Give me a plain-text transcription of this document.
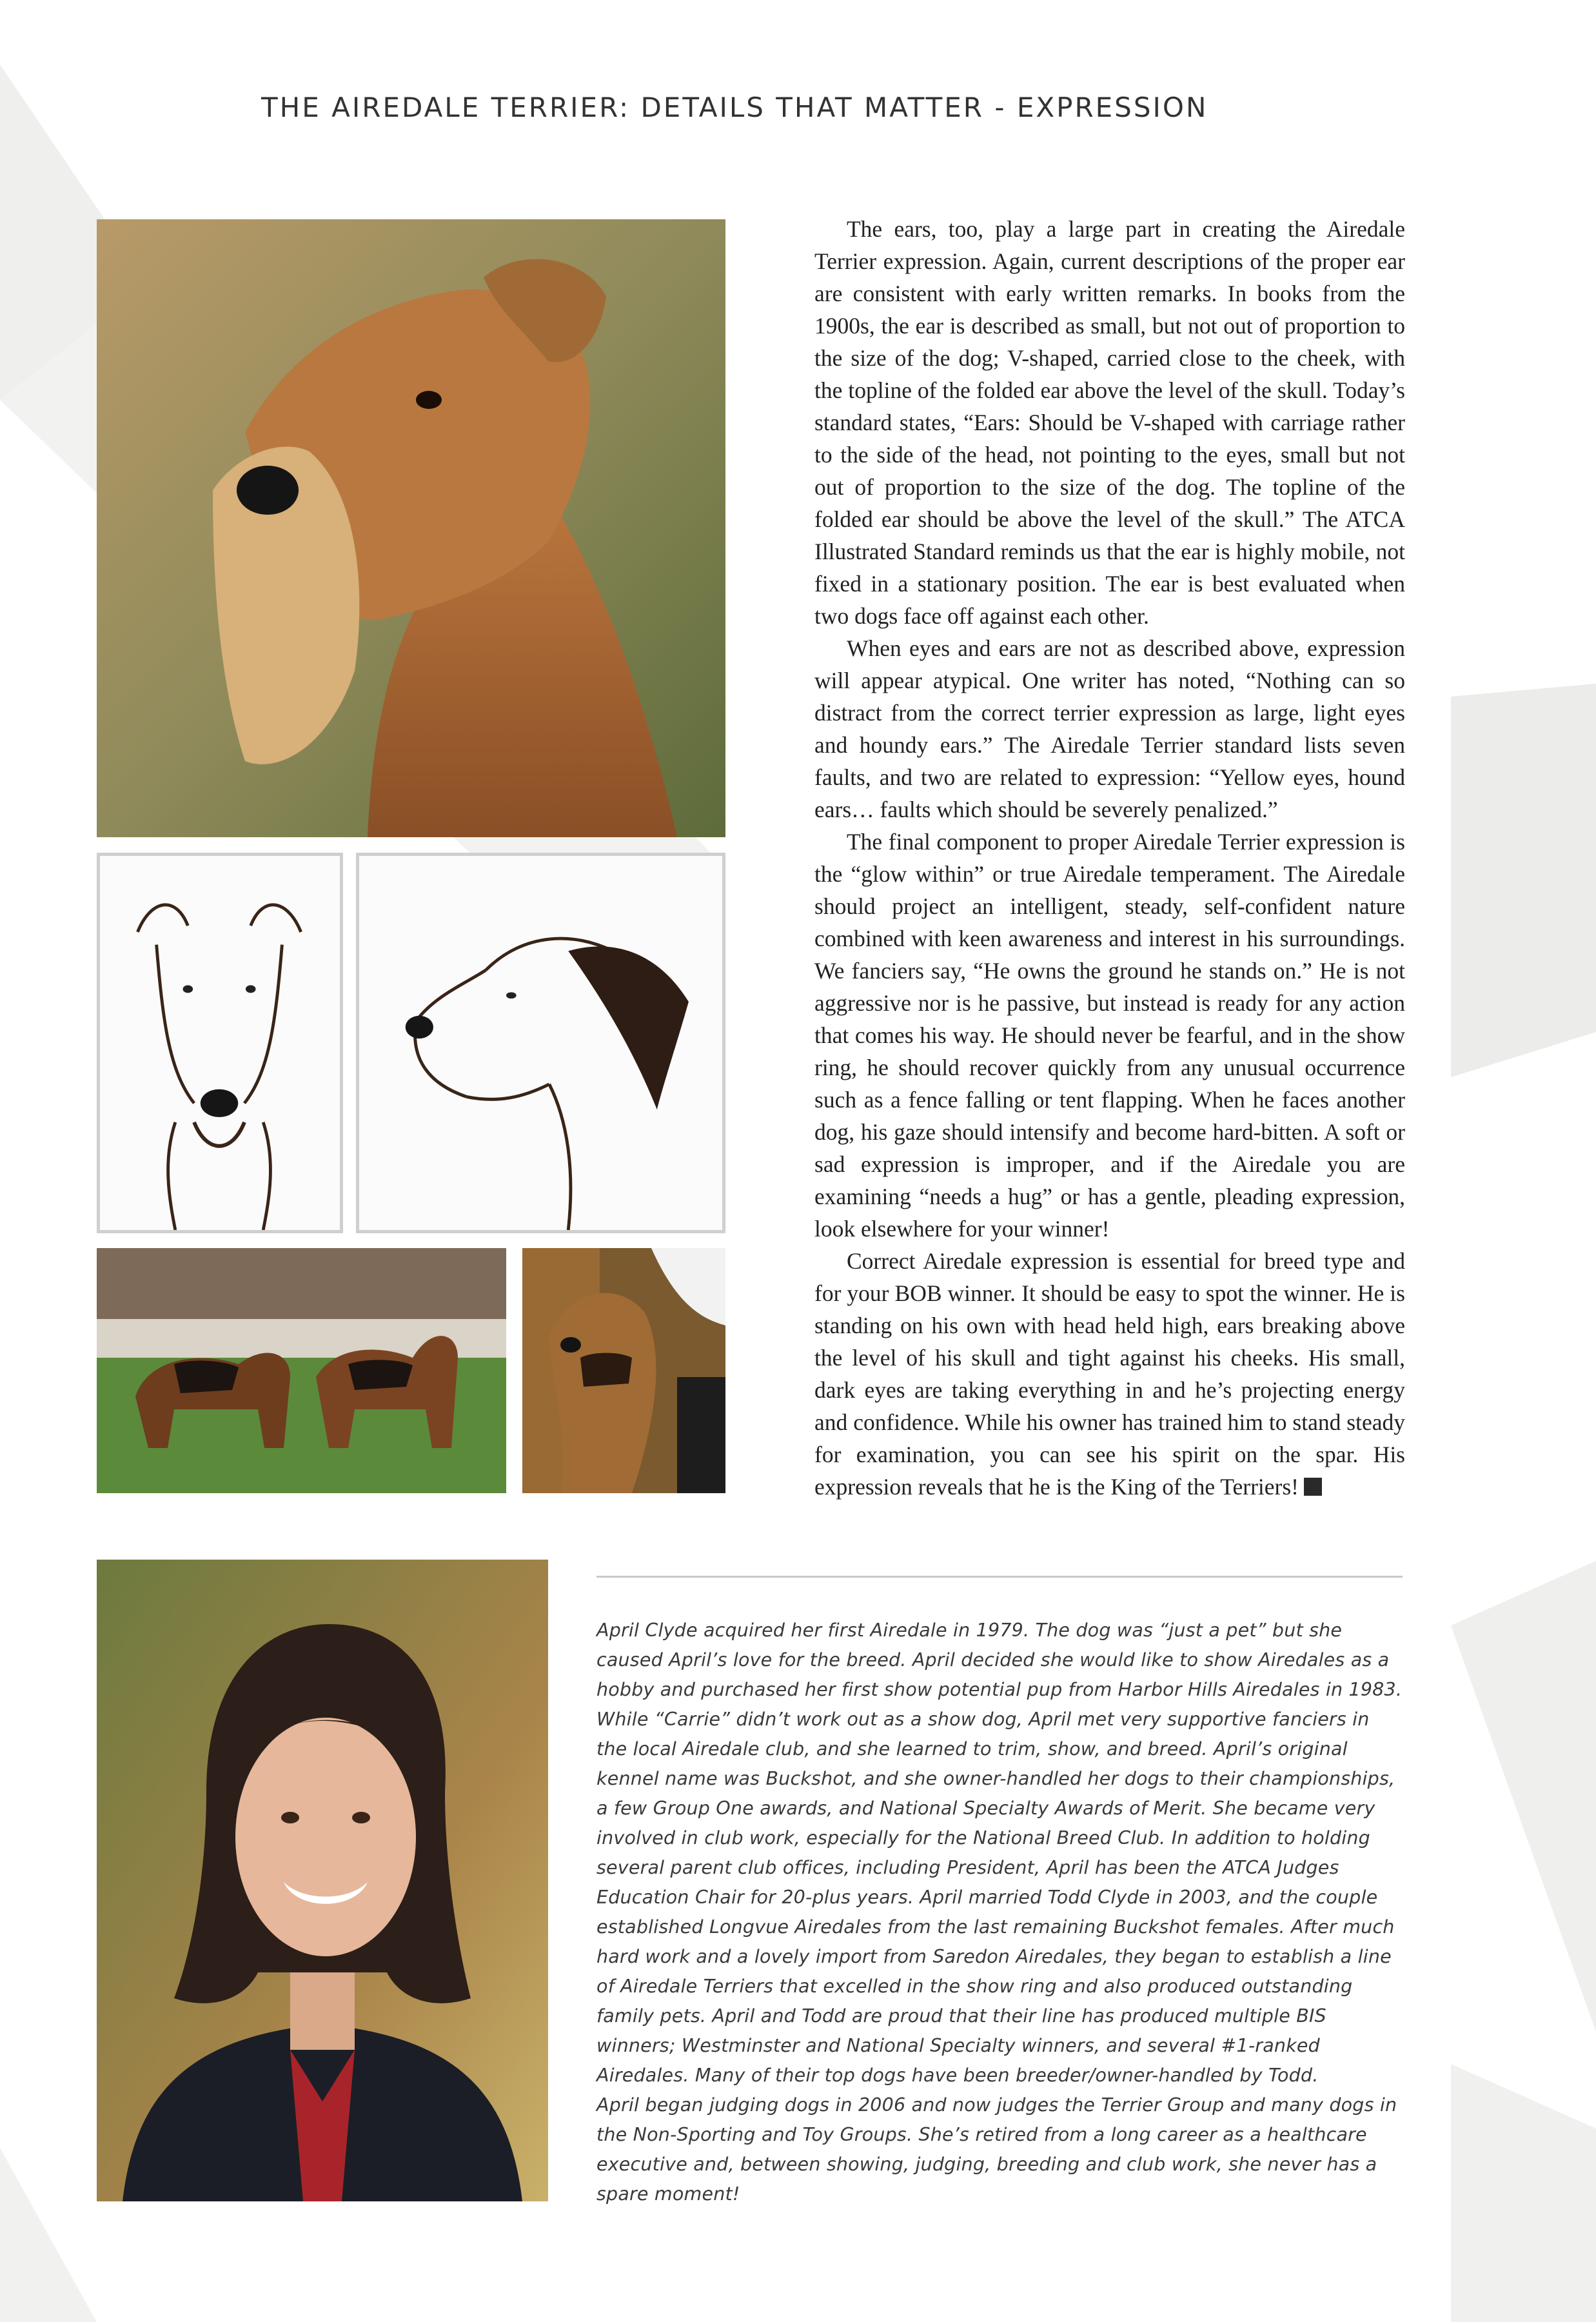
THE AIREDALE TERRIER: DETAILS THAT MATTER - EXPRESSION

The ears, too, play a large part in creating the Airedale Terrier expression. Again, current descriptions of the proper ear are consistent with early written remarks. In books from the 1900s, the ear is described as small, but not out of proportion to the size of the dog; V-shaped, carried close to the cheek, with the topline of the folded ear above the level of the skull. Today’s standard states, “Ears: Should be V-shaped with carriage rather to the side of the head, not pointing to the eyes, small but not out of proportion to the size of the dog. The topline of the folded ear should be above the level of the skull.” The ATCA Illustrated Standard reminds us that the ear is highly mobile, not fixed in a stationary position. The ear is best evaluated when two dogs face off against each other.

When eyes and ears are not as described above, expression will appear atypical. One writer has noted, “Nothing can so distract from the correct terrier expression as large, light eyes and houndy ears.” The Airedale Terrier standard lists seven faults, and two are related to expression: “Yellow eyes, hound ears… faults which should be severely penalized.”

The final component to proper Airedale Terrier expression is the “glow within” or true Airedale temperament. The Airedale should project an intelligent, steady, self-confident nature combined with keen awareness and interest in his surroundings. We fanciers say, “He owns the ground he stands on.” He is not aggressive nor is he passive, but instead is ready for any action that comes his way. He should never be fearful, and in the show ring, he should recover quickly from any unusual occurrence such as a fence falling or tent flapping. When he faces another dog, his gaze should intensify and become hard-bitten. A soft or sad expression is improper, and if the Airedale you are examining “needs a hug” or has a gentle, pleading expression, look elsewhere for your winner!

Correct Airedale expression is essential for breed type and for your BOB winner. It should be easy to spot the winner. He is standing on his own with head held high, ears breaking above the level of his skull and tight against his cheeks. His small, dark eyes are taking everything in and he’s projecting energy and confidence. While his owner has trained him to stand steady for examination, you can see his spirit on the spar. His expression reveals that he is the King of the Terriers!

April Clyde acquired her first Airedale in 1979. The dog was “just a pet” but she caused April’s love for the breed. April decided she would like to show Airedales as a hobby and purchased her first show potential pup from Harbor Hills Airedales in 1983. While “Carrie” didn’t work out as a show dog, April met very supportive fanciers in the local Airedale club, and she learned to trim, show, and breed. April’s original kennel name was Buckshot, and she owner-handled her dogs to their championships, a few Group One awards, and National Specialty Awards of Merit. She became very involved in club work, especially for the National Breed Club. In addition to holding several parent club offices, including President, April has been the ATCA Judges Education Chair for 20-plus years. April married Todd Clyde in 2003, and the couple established Longvue Airedales from the last remaining Buckshot females. After much hard work and a lovely import from Saredon Airedales, they began to establish a line of Airedale Terriers that excelled in the show ring and also produced outstanding family pets. April and Todd are proud that their line has produced multiple BIS winners; Westminster and National Specialty winners, and several #1-ranked Airedales. Many of their top dogs have been breeder/owner-handled by Todd.

April began judging dogs in 2006 and now judges the Terrier Group and many dogs in the Non-Sporting and Toy Groups. She’s retired from a long career as a healthcare executive and, between showing, judging, breeding and club work, she never has a spare moment!
